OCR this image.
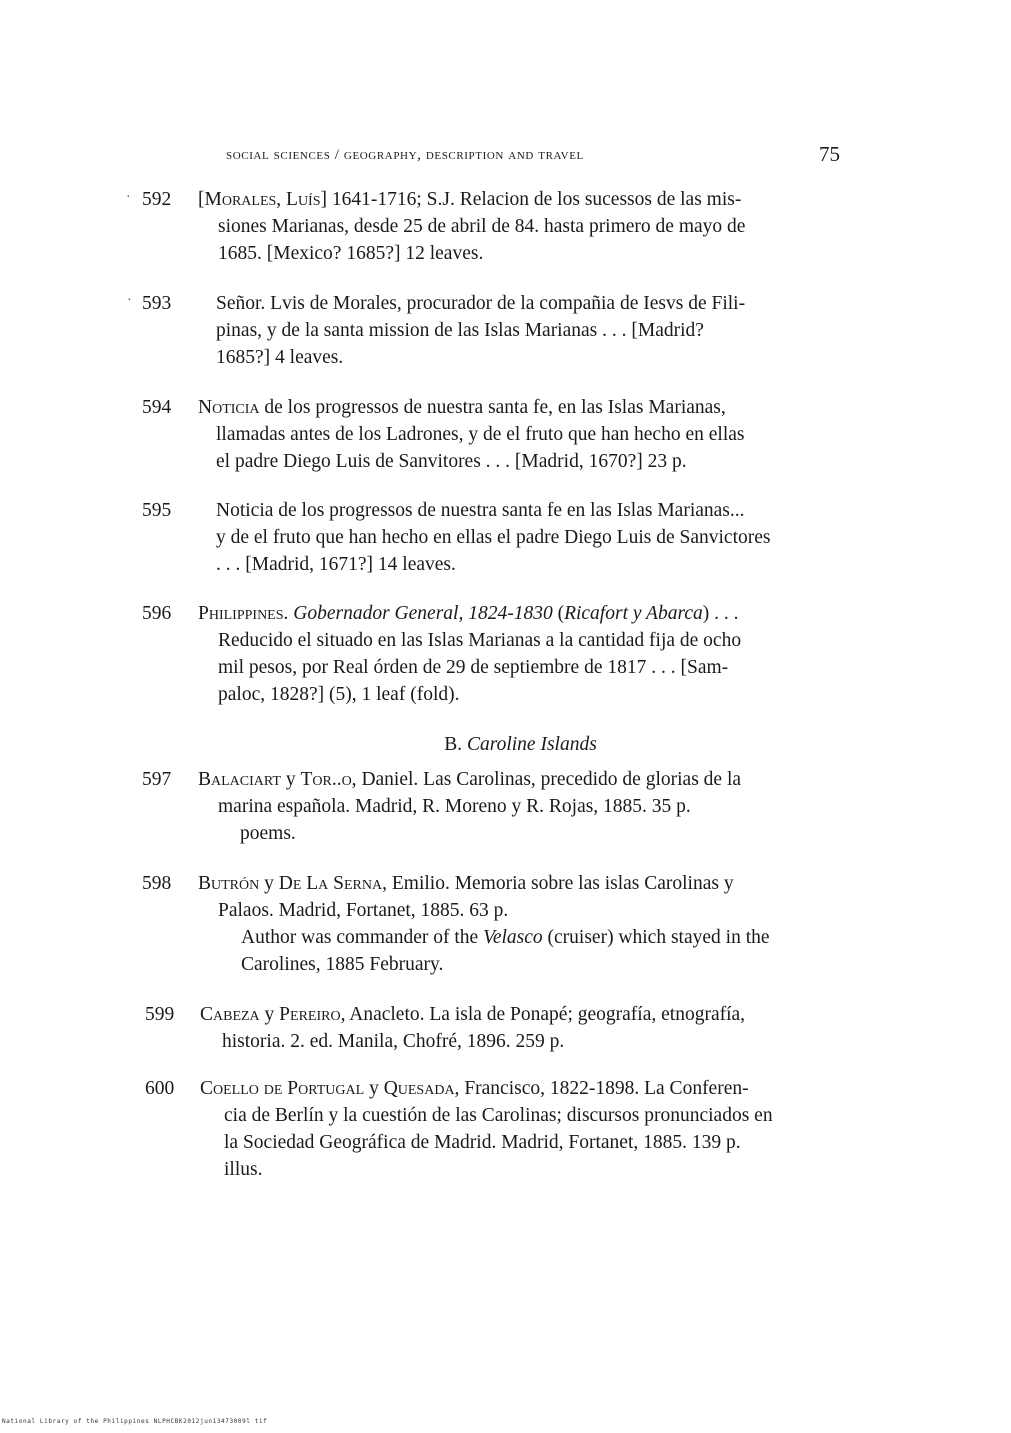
social sciences / geography, description and travel	75
·
·
592 [Morales, Luís] 1641-1716; S.J. Relacion de los sucessos de las mis-
siones Marianas, desde 25 de abril de 84. hasta primero de mayo de
1685. [Mexico? 1685?] 12 leaves.
593 Señor. Lvis de Morales, procurador de la compañia de Iesvs de Fili-
pinas, y de la santa mission de las Islas Marianas . . . [Madrid?
1685?] 4 leaves.
594 Noticia de los progressos de nuestra santa fe, en las Islas Marianas,
llamadas antes de los Ladrones, y de el fruto que han hecho en ellas
el padre Diego Luis de Sanvitores . . . [Madrid, 1670?] 23 p.
595 Noticia de los progressos de nuestra santa fe en las Islas Marianas...
y de el fruto que han hecho en ellas el padre Diego Luis de Sanvictores
. . . [Madrid, 1671?] 14 leaves.
596 Philippines. Gobernador General, 1824-1830 (Ricafort y Abarca) . . .
Reducido el situado en las Islas Marianas a la cantidad fija de ocho
mil pesos, por Real órden de 29 de septiembre de 1817 . . . [Sam-
paloc, 1828?] (5), 1 leaf (fold).
B. Caroline Islands
597 Balaciart y Tor..o, Daniel. Las Carolinas, precedido de glorias de la
marina española. Madrid, R. Moreno y R. Rojas, 1885. 35 p.
poems.
598 Butrón y De La Serna, Emilio. Memoria sobre las islas Carolinas y
Palaos. Madrid, Fortanet, 1885. 63 p.
Author was commander of the Velasco (cruiser) which stayed in the
Carolines, 1885 February.
599 Cabeza y Pereiro, Anacleto. La isla de Ponapé; geografía, etnografía,
historia. 2. ed. Manila, Chofré, 1896. 259 p.
600 Coello de Portugal y Quesada, Francisco, 1822-1898. La Conferen-
cia de Berlín y la cuestión de las Carolinas; discursos pronunciados en
la Sociedad Geográfica de Madrid. Madrid, Fortanet, 1885. 139 p.
illus.
National Library of the Philippines NLPHCBK2012jun13473009l tif
